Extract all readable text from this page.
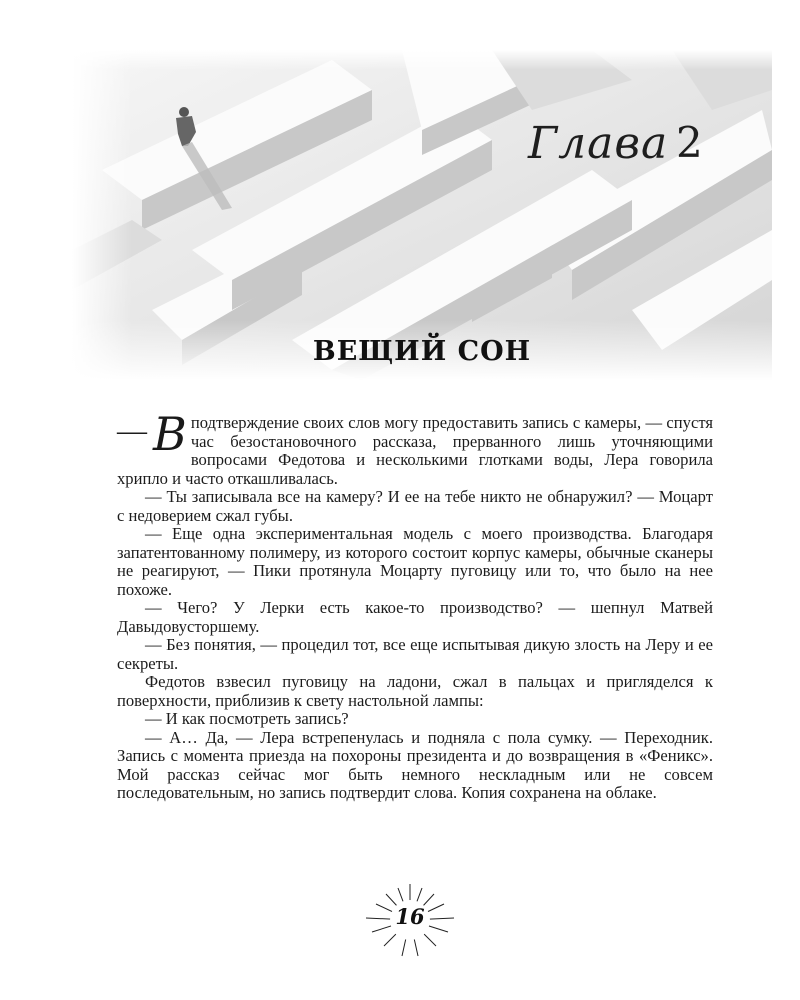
Глава 2
ВЕЩИЙ СОН

— В подтверждение своих слов могу предоставить запись с камеры, — спустя час безостановочного рассказа, прерванного лишь уточняющими вопросами Федотова и несколькими глотками воды, Лера говорила хрипло и часто откашливалась.

— Ты записывала все на камеру? И ее на тебе никто не обнаружил? — Моцарт с недоверием сжал губы.

— Еще одна экспериментальная модель с моего производства. Благодаря запатентованному полимеру, из которого состоит корпус камеры, обычные сканеры не реагируют, — Пики протянула Моцарту пуговицу или то, что было на нее похоже.

— Чего? У Лерки есть какое-то производство? — шепнул Матвей Давыдовусторшему.

— Без понятия, — процедил тот, все еще испытывая дикую злость на Леру и ее секреты.

Федотов взвесил пуговицу на ладони, сжал в пальцах и пригляделся к поверхности, приблизив к свету настольной лампы:

— И как посмотреть запись?

— А… Да, — Лера встрепенулась и подняла с пола сумку. — Переходник. Запись с момента приезда на похороны президента и до возвращения в «Феникс». Мой рассказ сейчас мог быть немного нескладным или не совсем последовательным, но запись подтвердит слова. Копия сохранена на облаке.

16
